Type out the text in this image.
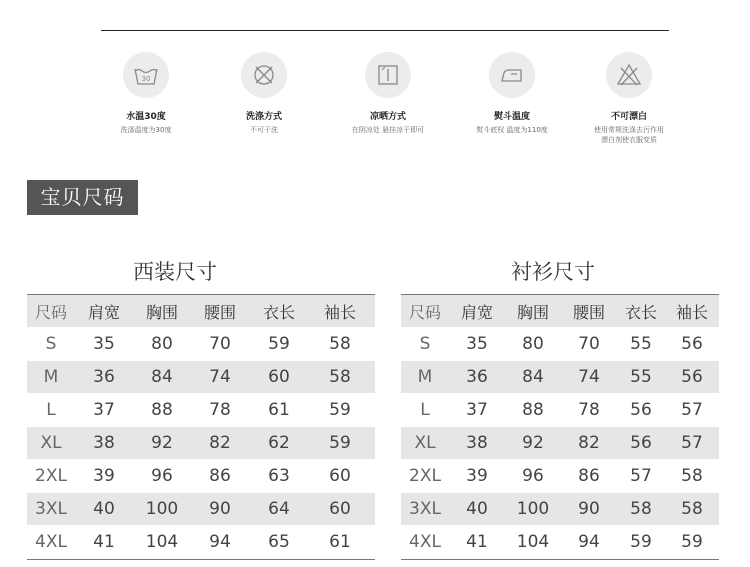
30
水温30度
洗涤温度为30度
洗涤方式
不可干洗
凉晒方式
在阴凉处 悬挂凉干即可
熨斗温度
熨斗底权 温度为110度
不可漂白
使用常规洗涤去污作用
漂白剂使衣服变质
宝贝尺码
西装尺寸
尺码	肩宽	胸围	腰围	衣长	袖长
S	35	80	70	59	58
M	36	84	74	60	58
L	37	88	78	61	59
XL	38	92	82	62	59
2XL	39	96	86	63	60
3XL	40	100	90	64	60
4XL	41	104	94	65	61
衬衫尺寸
尺码	肩宽	胸围	腰围	衣长	袖长
S	35	80	70	55	56
M	36	84	74	55	56
L	37	88	78	56	57
XL	38	92	82	56	57
2XL	39	96	86	57	58
3XL	40	100	90	58	58
4XL	41	104	94	59	59
